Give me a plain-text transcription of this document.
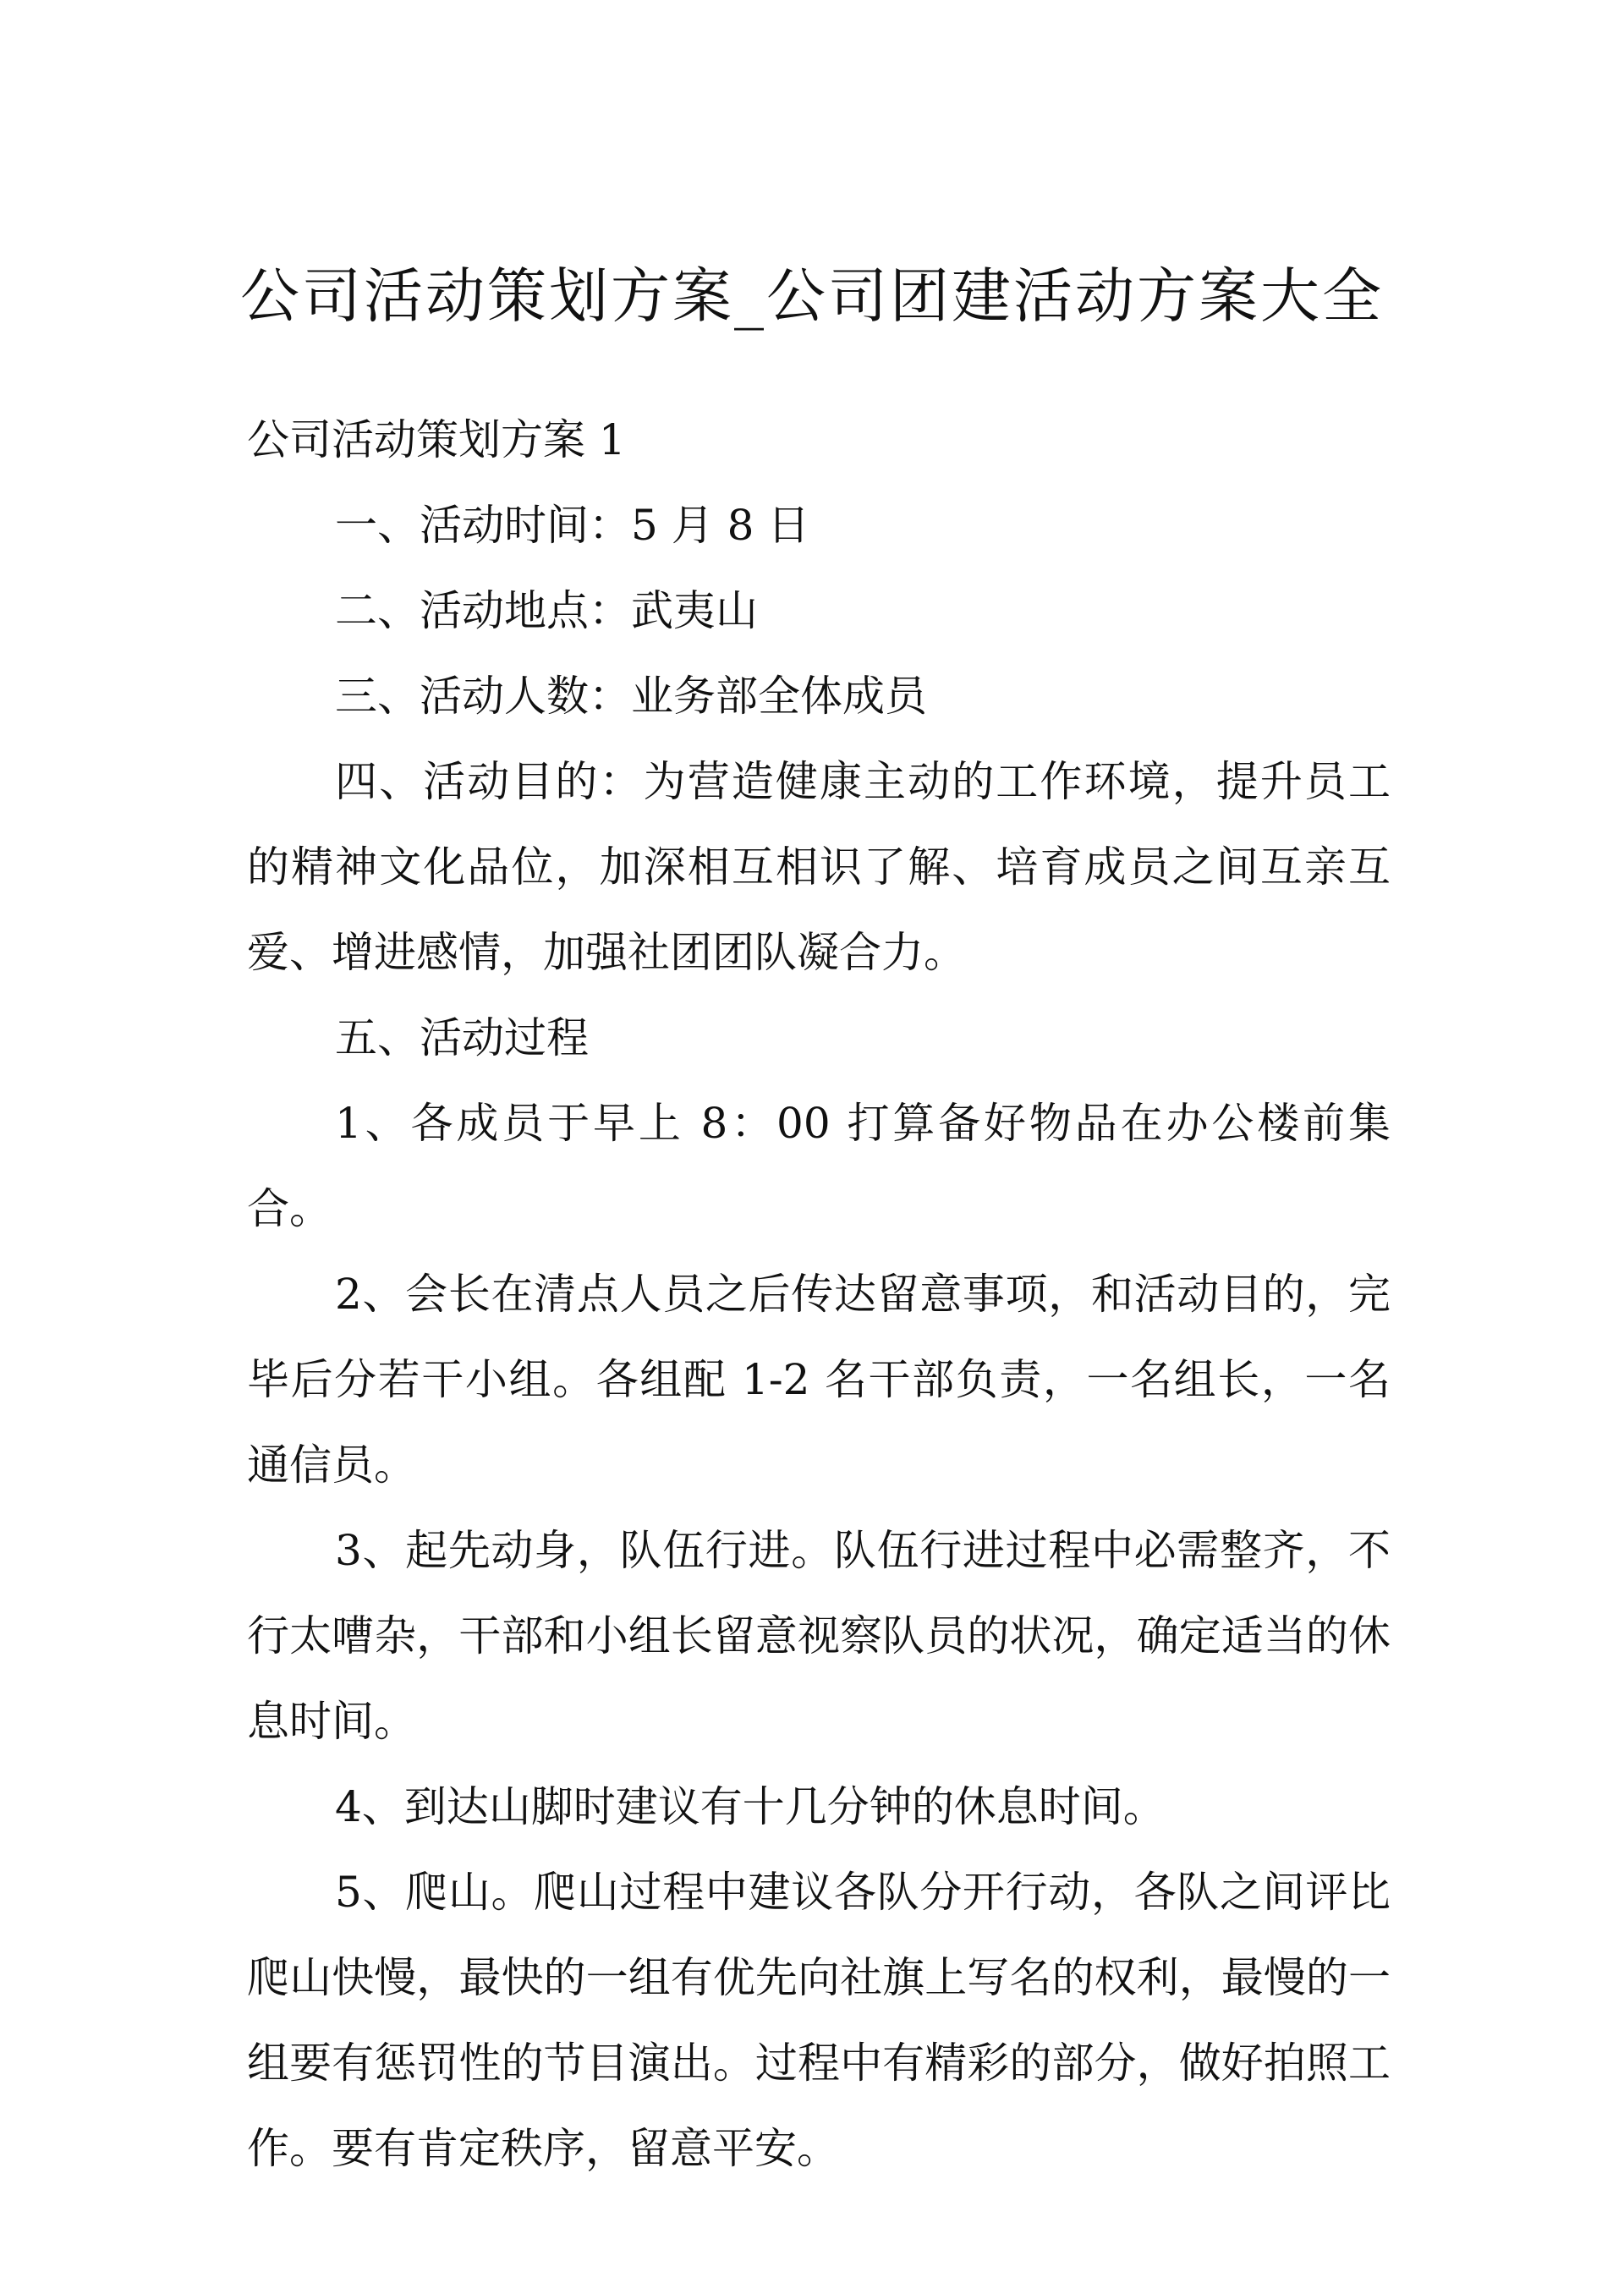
公司活动策划方案_公司团建活动方案大全

公司活动策划方案 1

一、活动时间：5 月 8 日

二、活动地点：武夷山

三、活动人数：业务部全体成员

四、活动目的：为营造健康主动的工作环境，提升员工的精神文化品位，加深相互相识了解、培育成员之间互亲互爱、增进感情，加强社团团队凝合力。

五、活动过程

1、各成员于早上 8：00 打算备好物品在办公楼前集合。

2、会长在清点人员之后传达留意事项，和活动目的，完毕后分若干小组。各组配 1-2 名干部负责，一名组长，一名通信员。

3、起先动身，队伍行进。队伍行进过程中必需整齐，不行太嘈杂，干部和小组长留意视察队员的状况，确定适当的休息时间。

4、到达山脚时建议有十几分钟的休息时间。

5、爬山。爬山过程中建议各队分开行动，各队之间评比爬山快慢，最快的一组有优先向社旗上写名的权利，最慢的一组要有惩罚性的节目演出。过程中有精彩的部分，做好拍照工作。要有肯定秩序，留意平安。
